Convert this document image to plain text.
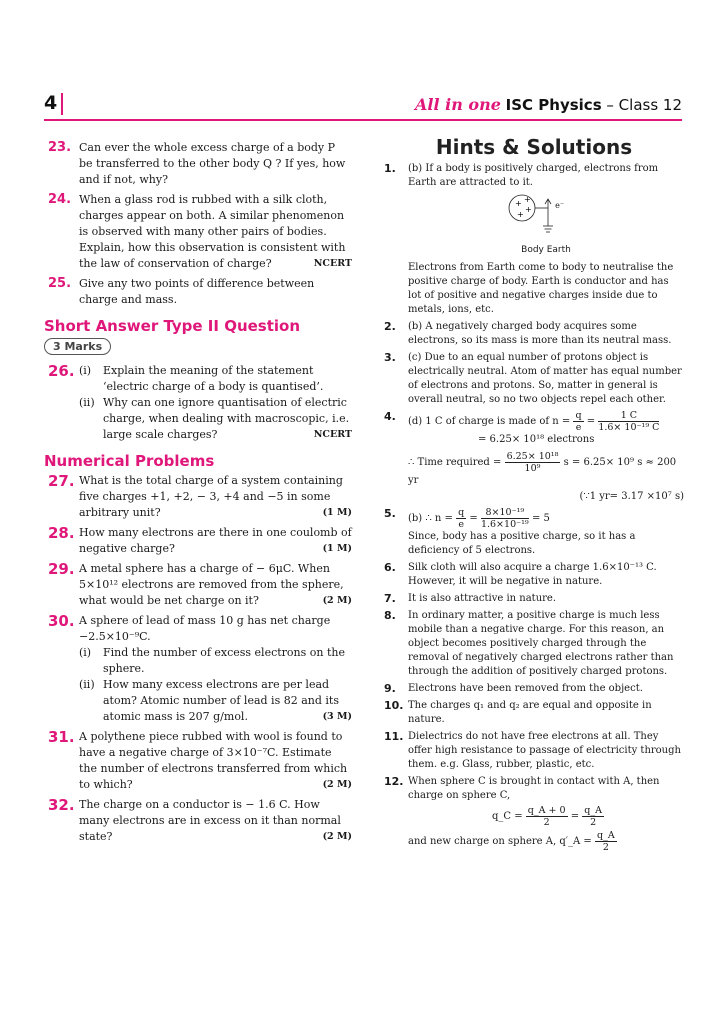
4	All in one ISC Physics – Class 12
23. Can ever the whole excess charge of a body P be transferred to the other body Q ? If yes, how and if not, why?
24. When a glass rod is rubbed with a silk cloth, charges appear on both. A similar phenomenon is observed with many other pairs of bodies. Explain, how this observation is consistent with the law of conservation of charge?	NCERT
25. Give any two points of difference between charge and mass.
Short Answer Type II Question
3 Marks
26. (i) Explain the meaning of the statement ‘electric charge of a body is quantised’.
(ii) Why can one ignore quantisation of electric charge, when dealing with macroscopic, i.e. large scale charges?	NCERT
Numerical Problems
27. What is the total charge of a system containing five charges +1, +2, − 3, +4 and −5 in some arbitrary unit?	(1 M)
28. How many electrons are there in one coulomb of negative charge?	(1 M)
29. A metal sphere has a charge of − 6μC. When 5×10¹² electrons are removed from the sphere, what would be net charge on it?	(2 M)
30. A sphere of lead of mass 10 g has net charge −2.5×10⁻⁹C.
(i) Find the number of excess electrons on the sphere.
(ii) How many excess electrons are per lead atom? Atomic number of lead is 82 and its atomic mass is 207 g/mol.	(3 M)
31. A polythene piece rubbed with wool is found to have a negative charge of 3×10⁻⁷C. Estimate the number of electrons transferred from which to which?	(2 M)
32. The charge on a conductor is − 1.6 C. How many electrons are in excess on it than normal state?	(2 M)
Hints & Solutions
1. (b) If a body is positively charged, electrons from Earth are attracted to it.
+ +
+
+
$^{e^-}$
Body Earth
Electrons from Earth come to body to neutralise the positive charge of body. Earth is conductor and has lot of positive and negative charges inside due to metals, ions, etc.
2. (b) A negatively charged body acquires some electrons, so its mass is more than its neutral mass.
3. (c) Due to an equal number of protons object is electrically neutral. Atom of matter has equal number of electrons and protons. So, matter in general is overall neutral, so no two objects repel each other.
4. (d) 1 C of charge is made of $n = \frac{q}{e} = \frac{1 C}{\text{1.6× 10⁻¹⁹ C}}$
= 6.25× 10¹⁸ electrons
∴ Time required = $\frac{\text{6.25× 10¹⁸}}{\text{10⁹}}$ s = 6.25× 10⁹ s ≈ 200 yr
(∵1 yr= 3.17 ×10⁷ s)
5. (b) ∴ $n = \frac{q}{e} = \frac{\text{8×10⁻¹⁹}}{\text{1.6×10⁻¹⁹}} = 5$
Since, body has a positive charge, so it has a deficiency of 5 electrons.
6. Silk cloth will also acquire a charge 1.6×10⁻¹³ C. However, it will be negative in nature.
7. It is also attractive in nature.
8. In ordinary matter, a positive charge is much less mobile than a negative charge. For this reason, an object becomes positively charged through the removal of negatively charged electrons rather than through the addition of positively charged protons.
9. Electrons have been removed from the object.
10. The charges q₁ and q₂ are equal and opposite in nature.
11. Dielectrics do not have free electrons at all. They offer high resistance to passage of electricity through them. e.g. Glass, rubber, plastic, etc.
12. When sphere C is brought in contact with A, then charge on sphere C,
q_C = $\frac{q\_A + 0}{2} = \frac{q\_A}{2}$
and new charge on sphere A, q′_A = $\frac{q\_A}{2}$
